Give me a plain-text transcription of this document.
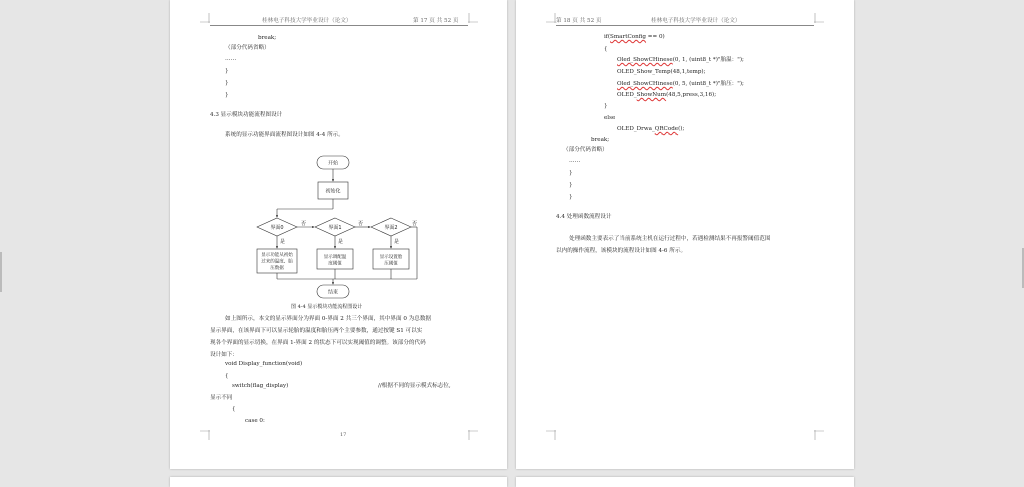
桂林电子科技大学毕业设计（论文）	第 17 页 共 52 页
break;
（部分代码省略）
……
}
}
}
4.3 显示模块功能流程图设计
系统的显示功能界面流程图设计如图 4-4 所示。
开始
初始化
界面0	界面1	界面2
否	否	否
是	是	是
显示功能从初始
过来的温度、胎
压数据
显示调配温
度阈值
显示设置胎
压阈值
结束
图 4-4 显示模块功能流程图设计
如上图所示，本文的显示界面分为界面 0-界面 2 共三个界面，其中界面 0 为总数据
显示界面，在该界面下可以显示轮胎的温度和胎压两个主要参数，通过按键 S1 可以实
现各个界面的显示切换，在界面 1-界面 2 的状态下可以实现阈值的调整。该部分的代码
设计如下：
void Display_function(void)
{
switch(flag_display)	//根据不同的显示模式标志位,
显示不同
{
case 0:
17
第 18 页 共 52 页	桂林电子科技大学毕业设计（论文）
if(SmartConfig == 0)
{
Oled_ShowCHinese(0, 1, (uint8_t *)"胎温：");
OLED_Show_Temp(48,1,temp);
Oled_ShowCHinese(0, 5, (uint8_t *)"胎压：");
OLED_ShowNum(48,5,press,3,16);
}
else
OLED_Drwa_QRCode();
break;
（部分代码省略）
……
}
}
}
4.4 处理函数流程设计
处理函数主要表示了当前系统主机在运行过程中，若遇检测结果不再报警阈值范围
以内的操作流程，该模块的流程设计如图 4-6 所示。
